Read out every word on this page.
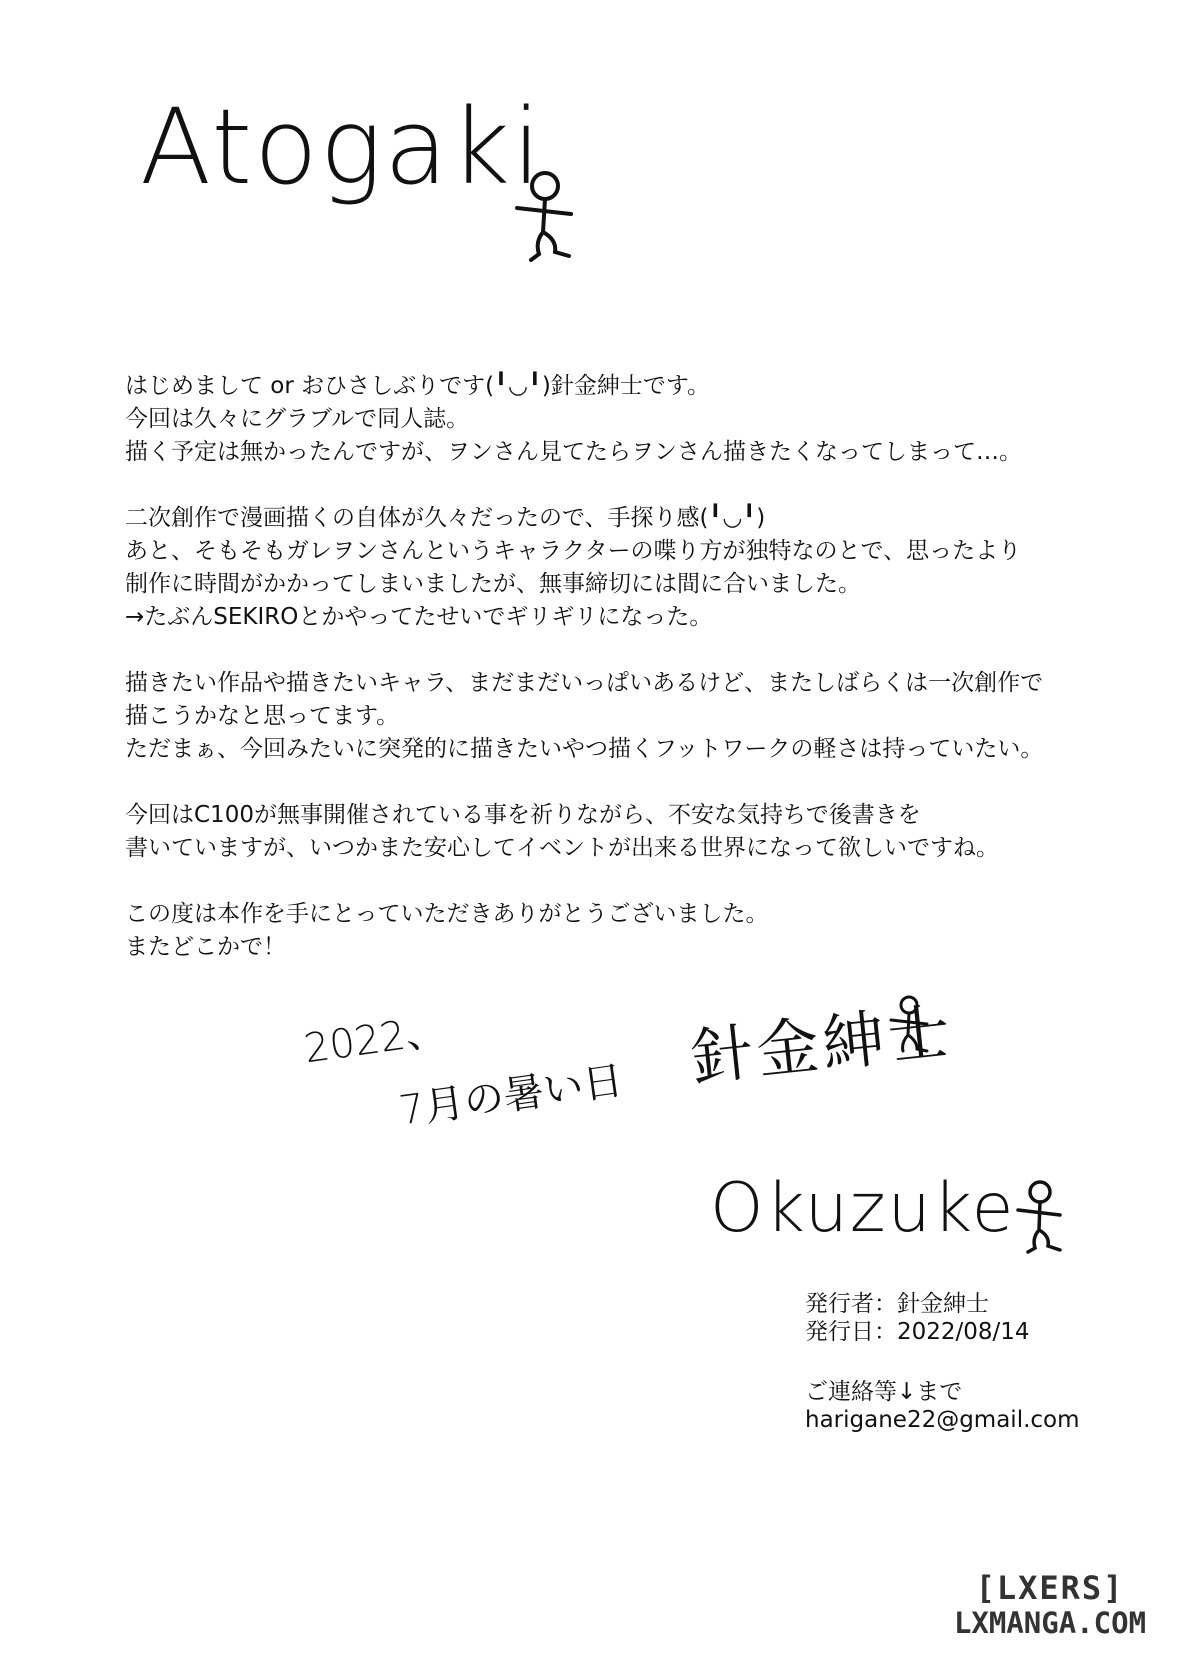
Atogaki
はじめまして or おひさしぶりです(╹◡╹)針金紳士です。
今回は久々にグラブルで同人誌。
描く予定は無かったんですが、ヲンさん見てたらヲンさん描きたくなってしまって…。
二次創作で漫画描くの自体が久々だったので、手探り感(╹◡╹)
あと、そもそもガレヲンさんというキャラクターの喋り方が独特なのとで、思ったより
制作に時間がかかってしまいましたが、無事締切には間に合いました。
→たぶんSEKIROとかやってたせいでギリギリになった。
描きたい作品や描きたいキャラ、まだまだいっぱいあるけど、またしばらくは一次創作で
描こうかなと思ってます。
ただまぁ、今回みたいに突発的に描きたいやつ描くフットワークの軽さは持っていたい。
今回はC100が無事開催されている事を祈りながら、不安な気持ちで後書きを
書いていますが、いつかまた安心してイベントが出来る世界になって欲しいですね。
この度は本作を手にとっていただきありがとうございました。
またどこかで！
2022、
7月の暑い日
針金紳士
Okuzuke
発行者：針金紳士
発行日：2022/08/14
ご連絡等↓まで
harigane22@gmail.com
[LXERS]
LXMANGA.COM
